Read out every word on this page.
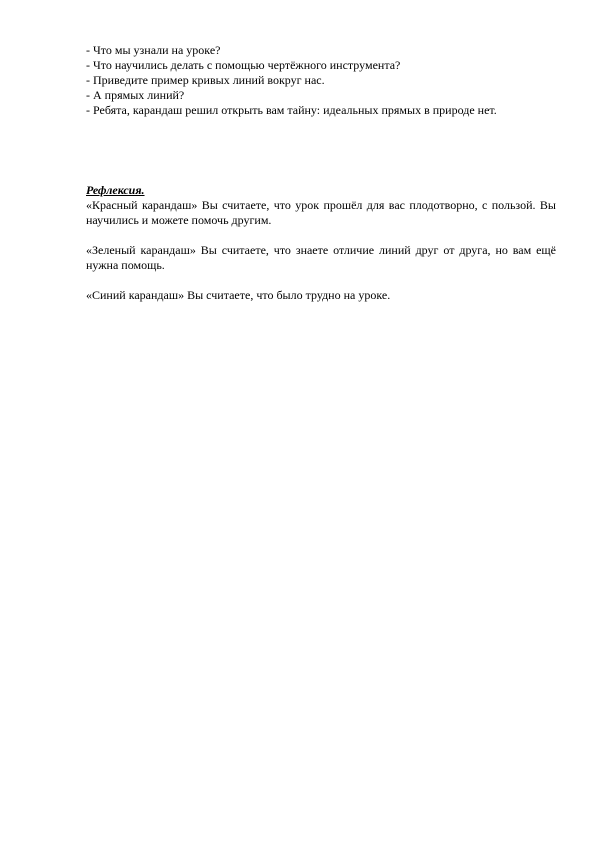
- Что мы узнали на уроке?

- Что научились делать с помощью чертёжного инструмента?

- Приведите пример кривых линий вокруг нас.

- А прямых линий?

- Ребята, карандаш решил открыть вам тайну: идеальных прямых в природе нет.

Рефлексия.

«Красный карандаш» Вы считаете, что урок прошёл для вас плодотворно, с пользой. Вы научились и можете помочь другим.

«Зеленый карандаш» Вы считаете, что знаете отличие линий друг от друга, но вам ещё нужна помощь.

«Синий карандаш» Вы считаете, что было трудно на уроке.
